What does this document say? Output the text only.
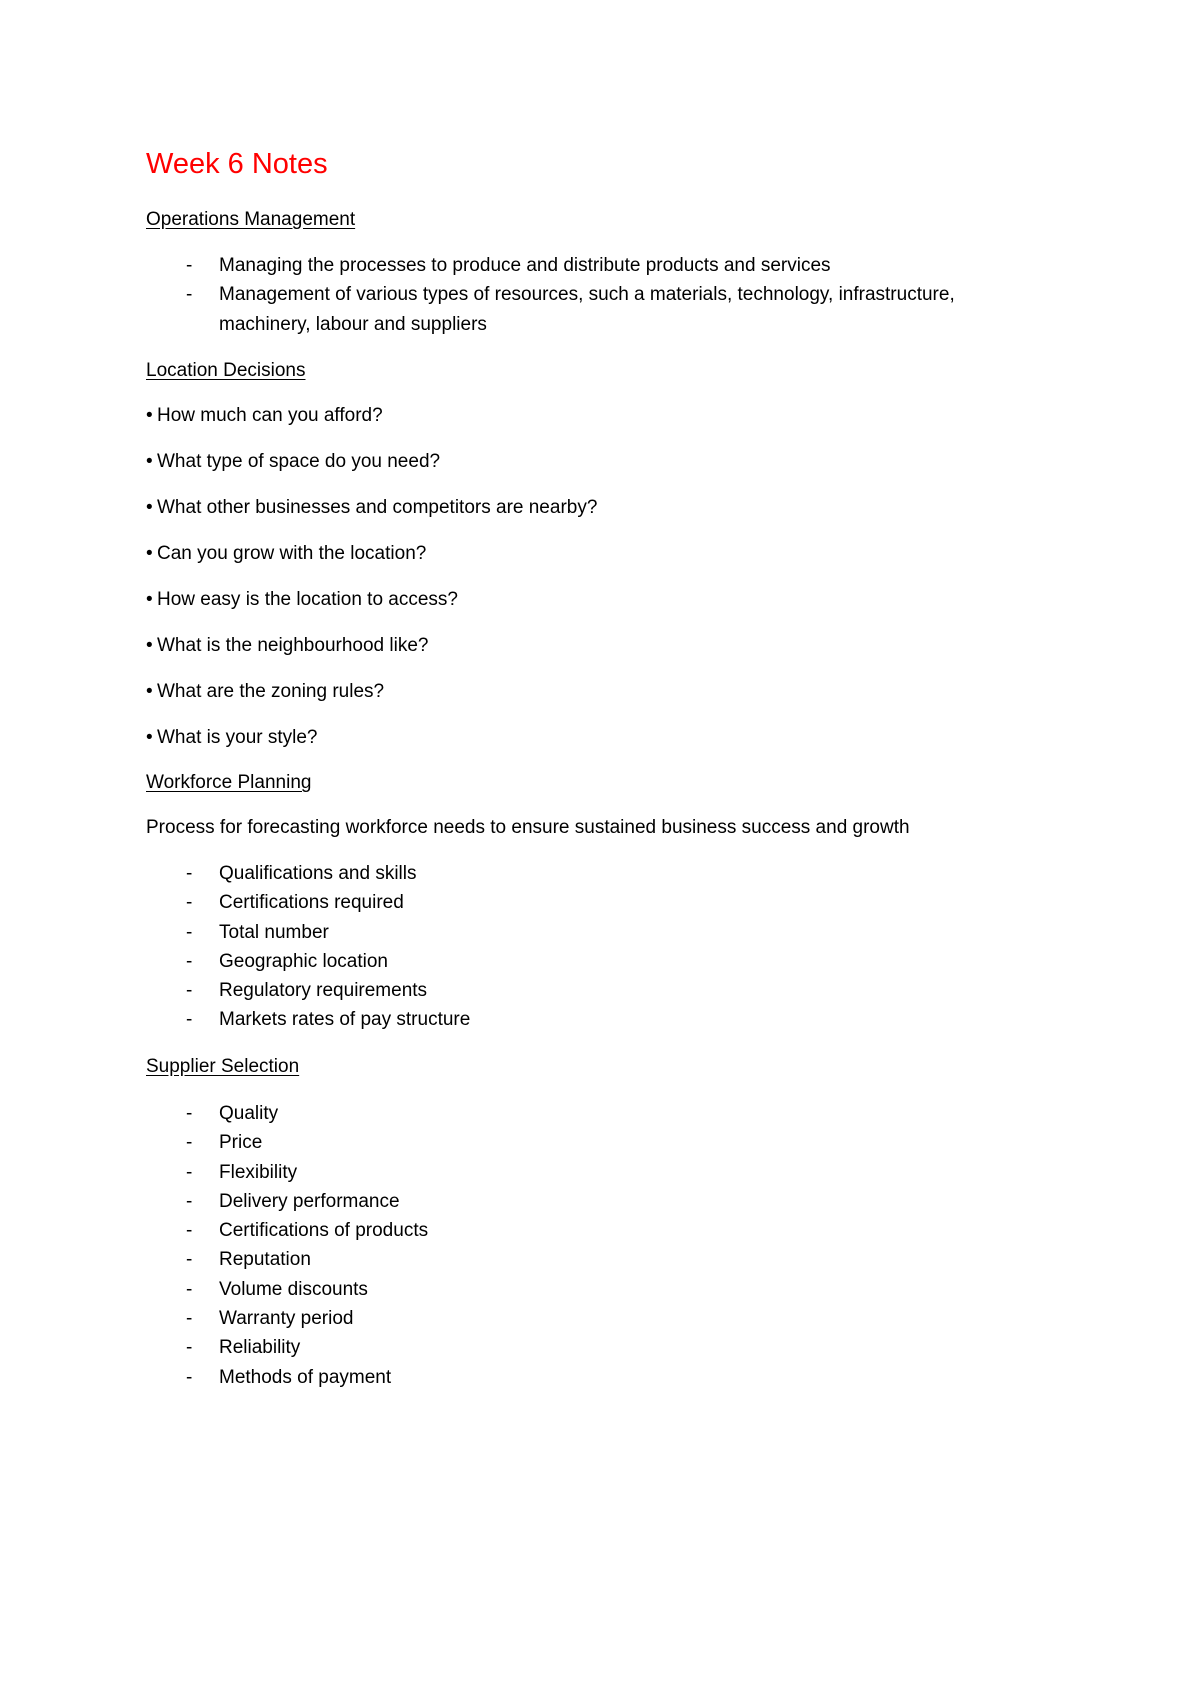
Week 6 Notes
Operations Management
- Managing the processes to produce and distribute products and services
- Management of various types of resources, such a materials, technology, infrastructure, machinery, labour and suppliers
Location Decisions
• How much can you afford?
• What type of space do you need?
• What other businesses and competitors are nearby?
• Can you grow with the location?
• How easy is the location to access?
• What is the neighbourhood like?
• What are the zoning rules?
• What is your style?
Workforce Planning
Process for forecasting workforce needs to ensure sustained business success and growth
- Qualifications and skills
- Certifications required
- Total number
- Geographic location
- Regulatory requirements
- Markets rates of pay structure
Supplier Selection
- Quality
- Price
- Flexibility
- Delivery performance
- Certifications of products
- Reputation
- Volume discounts
- Warranty period
- Reliability
- Methods of payment
